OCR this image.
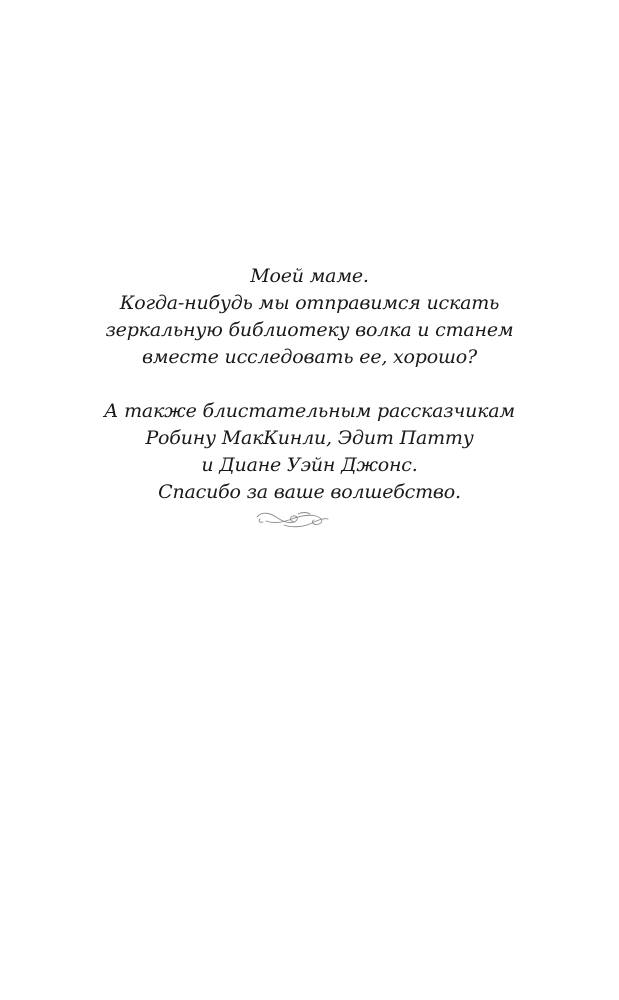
Моей маме.
Когда-нибудь мы отправимся искать
зеркальную библиотеку волка и станем
вместе исследовать ее, хорошо?

А также блистательным рассказчикам
Робину МакКинли, Эдит Патту
и Диане Уэйн Джонс.
Спасибо за ваше волшебство.
